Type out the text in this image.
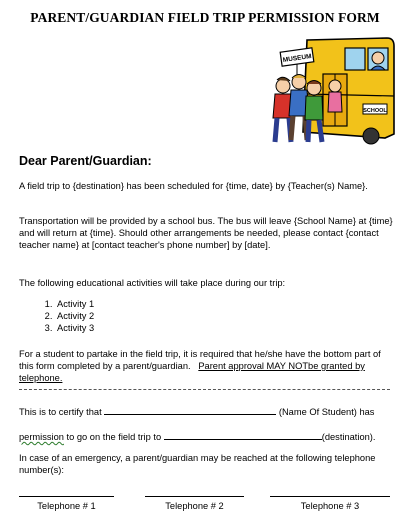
PARENT/GUARDIAN FIELD TRIP PERMISSION FORM
MUSEUM
SCHOOL
Dear Parent/Guardian:
A field trip to {destination} has been scheduled for {time, date} by {Teacher(s) Name}.
Transportation will be provided by a school bus. The bus will leave {School Name} at {time} and will return at {time}. Should other arrangements be needed, please contact {contact teacher name} at [contact teacher's phone number] by [date].
The following educational activities will take place during our trip:
1. Activity 1
2. Activity 2
3. Activity 3
For a student to partake in the field trip, it is required that he/she have the bottom part of this form completed by a parent/guardian. Parent approval MAY NOTbe granted by telephone.
This is to certify that	(Name Of Student) has
permission to go on the field trip to	(destination).
In case of an emergency, a parent/guardian may be reached at the following telephone number(s):
Telephone # 1	Telephone # 2	Telephone # 3
